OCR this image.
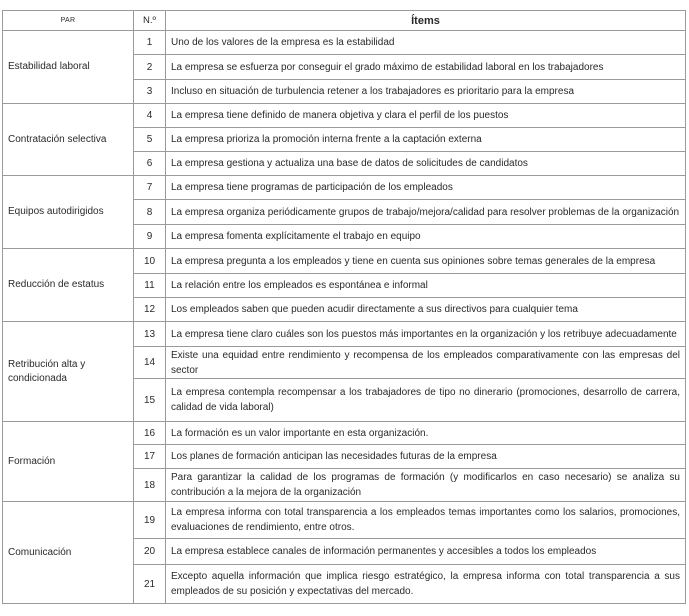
PAR	N.º	Ítems
Estabilidad laboral	1	Uno de los valores de la empresa es la estabilidad
	2	La empresa se esfuerza por conseguir el grado máximo de estabilidad laboral en los trabajadores
	3	Incluso en situación de turbulencia retener a los trabajadores es prioritario para la empresa
Contratación selectiva	4	La empresa tiene definido de manera objetiva y clara el perfil de los puestos
	5	La empresa prioriza la promoción interna frente a la captación externa
	6	La empresa gestiona y actualiza una base de datos de solicitudes de candidatos
Equipos autodirigidos	7	La empresa tiene programas de participación de los empleados
	8	La empresa organiza periódicamente grupos de trabajo/mejora/calidad para resolver problemas de la organización
	9	La empresa fomenta explícitamente el trabajo en equipo
Reducción de estatus	10	La empresa pregunta a los empleados y tiene en cuenta sus opiniones sobre temas generales de la empresa
	11	La relación entre los empleados es espontánea e informal
	12	Los empleados saben que pueden acudir directamente a sus directivos para cualquier tema
Retribución alta y condicionada	13	La empresa tiene claro cuáles son los puestos más importantes en la organización y los retribuye adecuadamente
	14	Existe una equidad entre rendimiento y recompensa de los empleados comparativamente con las empresas del sector
	15	La empresa contempla recompensar a los trabajadores de tipo no dinerario (promociones, desarrollo de carrera, calidad de vida laboral)
Formación	16	La formación es un valor importante en esta organización.
	17	Los planes de formación anticipan las necesidades futuras de la empresa
	18	Para garantizar la calidad de los programas de formación (y modificarlos en caso necesario) se analiza su contribución a la mejora de la organización
Comunicación	19	La empresa informa con total transparencia a los empleados temas importantes como los salarios, promociones, evaluaciones de rendimiento, entre otros.
	20	La empresa establece canales de información permanentes y accesibles a todos los empleados
	21	Excepto aquella información que implica riesgo estratégico, la empresa informa con total transparencia a sus empleados de su posición y expectativas del mercado.
